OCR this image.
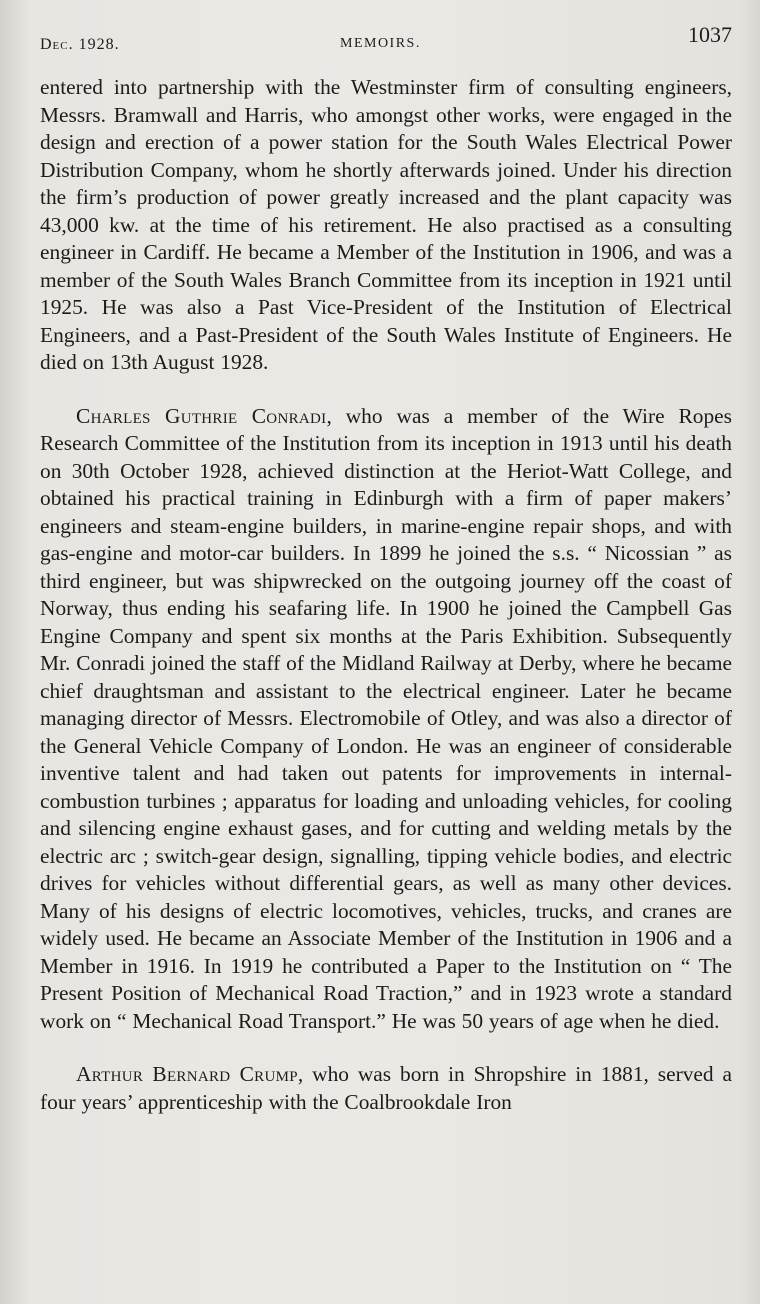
Dec. 1928.	MEMOIRS.	1037

entered into partnership with the Westminster firm of consulting engineers, Messrs. Bramwall and Harris, who amongst other works, were engaged in the design and erection of a power station for the South Wales Electrical Power Distribution Company, whom he shortly afterwards joined. Under his direction the firm’s production of power greatly increased and the plant capacity was 43,000 kw. at the time of his retirement. He also practised as a consulting engineer in Cardiff. He became a Member of the Institution in 1906, and was a member of the South Wales Branch Committee from its inception in 1921 until 1925. He was also a Past Vice-President of the Institution of Electrical Engineers, and a Past-President of the South Wales Institute of Engineers. He died on 13th August 1928.

Charles Guthrie Conradi, who was a member of the Wire Ropes Research Committee of the Institution from its inception in 1913 until his death on 30th October 1928, achieved distinction at the Heriot-Watt College, and obtained his practical training in Edinburgh with a firm of paper makers’ engineers and steam-engine builders, in marine-engine repair shops, and with gas-engine and motor-car builders. In 1899 he joined the s.s. “ Nicossian ” as third engineer, but was shipwrecked on the outgoing journey off the coast of Norway, thus ending his seafaring life. In 1900 he joined the Campbell Gas Engine Company and spent six months at the Paris Exhibition. Subsequently Mr. Conradi joined the staff of the Midland Railway at Derby, where he became chief draughtsman and assistant to the electrical engineer. Later he became managing director of Messrs. Electromobile of Otley, and was also a director of the General Vehicle Company of London. He was an engineer of considerable inventive talent and had taken out patents for improvements in internal-combustion turbines ; apparatus for loading and unloading vehicles, for cooling and silencing engine exhaust gases, and for cutting and welding metals by the electric arc ; switch-gear design, signalling, tipping vehicle bodies, and electric drives for vehicles without differential gears, as well as many other devices. Many of his designs of electric locomotives, vehicles, trucks, and cranes are widely used. He became an Associate Member of the Institution in 1906 and a Member in 1916. In 1919 he contributed a Paper to the Institution on “ The Present Position of Mechanical Road Traction,” and in 1923 wrote a standard work on “ Mechanical Road Transport.” He was 50 years of age when he died.

Arthur Bernard Crump, who was born in Shropshire in 1881, served a four years’ apprenticeship with the Coalbrookdale Iron
